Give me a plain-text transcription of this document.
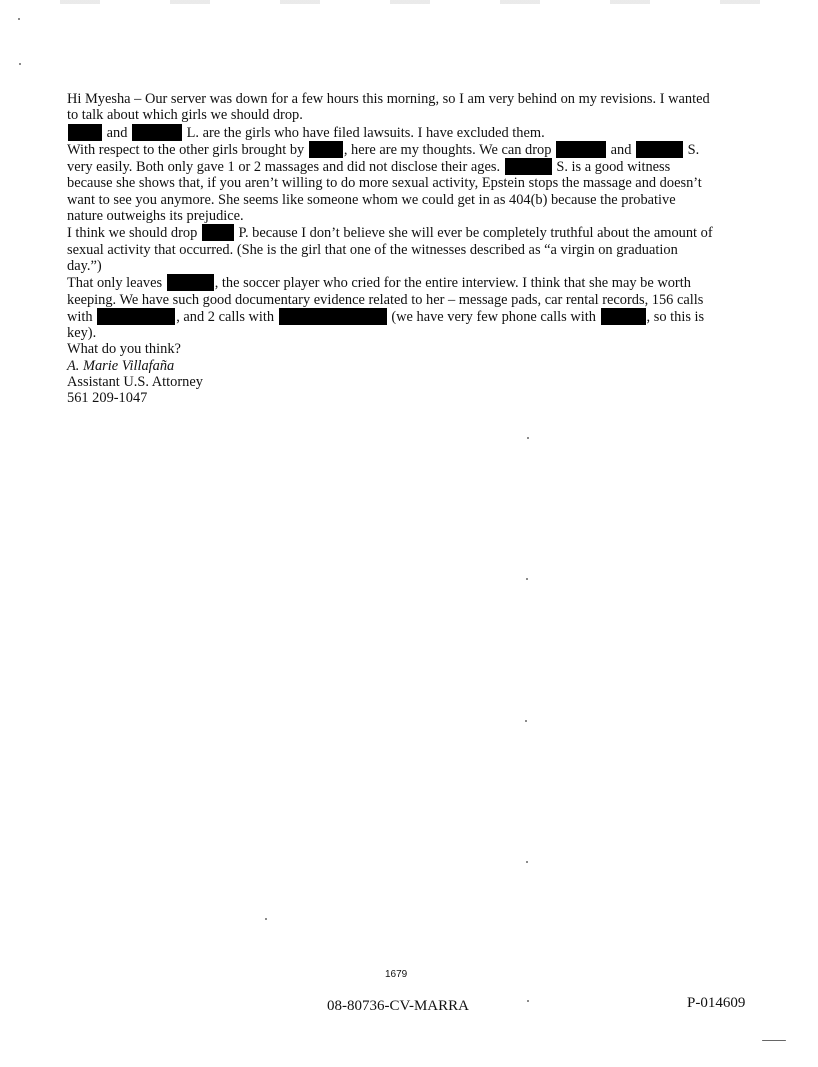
Hi Myesha – Our server was down for a few hours this morning, so I am very behind on my revisions. I wanted
to talk about which girls we should drop.
and	L. are the girls who have filed lawsuits. I have excluded them.
With respect to the other girls brought by	, here are my thoughts. We can drop	and	S.
very easily. Both only gave 1 or 2 massages and did not disclose their ages.	S. is a good witness
because she shows that, if you aren’t willing to do more sexual activity, Epstein stops the massage and doesn’t
want to see you anymore. She seems like someone whom we could get in as 404(b) because the probative
nature outweighs its prejudice.
I think we should drop	P. because I don’t believe she will ever be completely truthful about the amount of
sexual activity that occurred. (She is the girl that one of the witnesses described as “a virgin on graduation
day.”)
That only leaves	, the soccer player who cried for the entire interview. I think that she may be worth
keeping. We have such good documentary evidence related to her – message pads, car rental records, 156 calls
with	, and 2 calls with	(we have very few phone calls with	, so this is
key).
What do you think?
A. Marie Villafaña
Assistant U.S. Attorney
561 209-1047
1679
08-80736-CV-MARRA	P-014609
